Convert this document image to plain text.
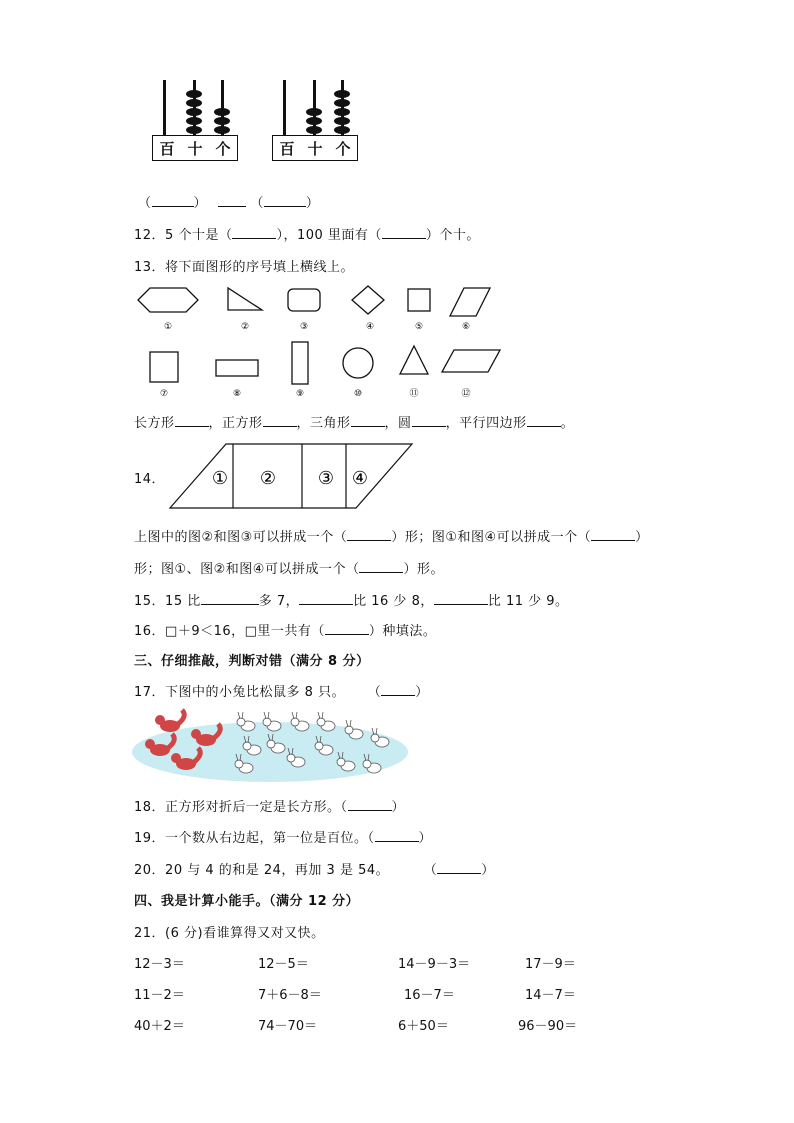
百 十 个	百 十 个
（	）	（	）
12．5 个十是（	），100 里面有（	）个十。
13．将下面图形的序号填上横线上。
①	②	③	④	⑤	⑥
⑦	⑧	⑨	⑩	⑪	⑫
长方形	，正方形	，三角形	，圆	，平行四边形	。
14．	① ② ③ ④
上图中的图②和图③可以拼成一个（	）形；图①和图④可以拼成一个（	）
形；图①、图②和图④可以拼成一个（	）形。
15．15 比	多 7，	比 16 少 8，	比 11 少 9。
16．□＋9＜16，□里一共有（	）种填法。
三、仔细推敲，判断对错（满分 8 分）
17．下图中的小兔比松鼠多 8 只。 （	）
18．正方形对折后一定是长方形。（	）
19．一个数从右边起，第一位是百位。（	）
20．20 与 4 的和是 24，再加 3 是 54。	（	）
四、我是计算小能手。（满分 12 分）
21．(6 分)看谁算得又对又快。
12－3＝	12－5＝	14－9－3＝	17－9＝
11－2＝	7＋6－8＝	16－7＝	14－7＝
40＋2＝	74－70＝	6＋50＝	96－90＝
